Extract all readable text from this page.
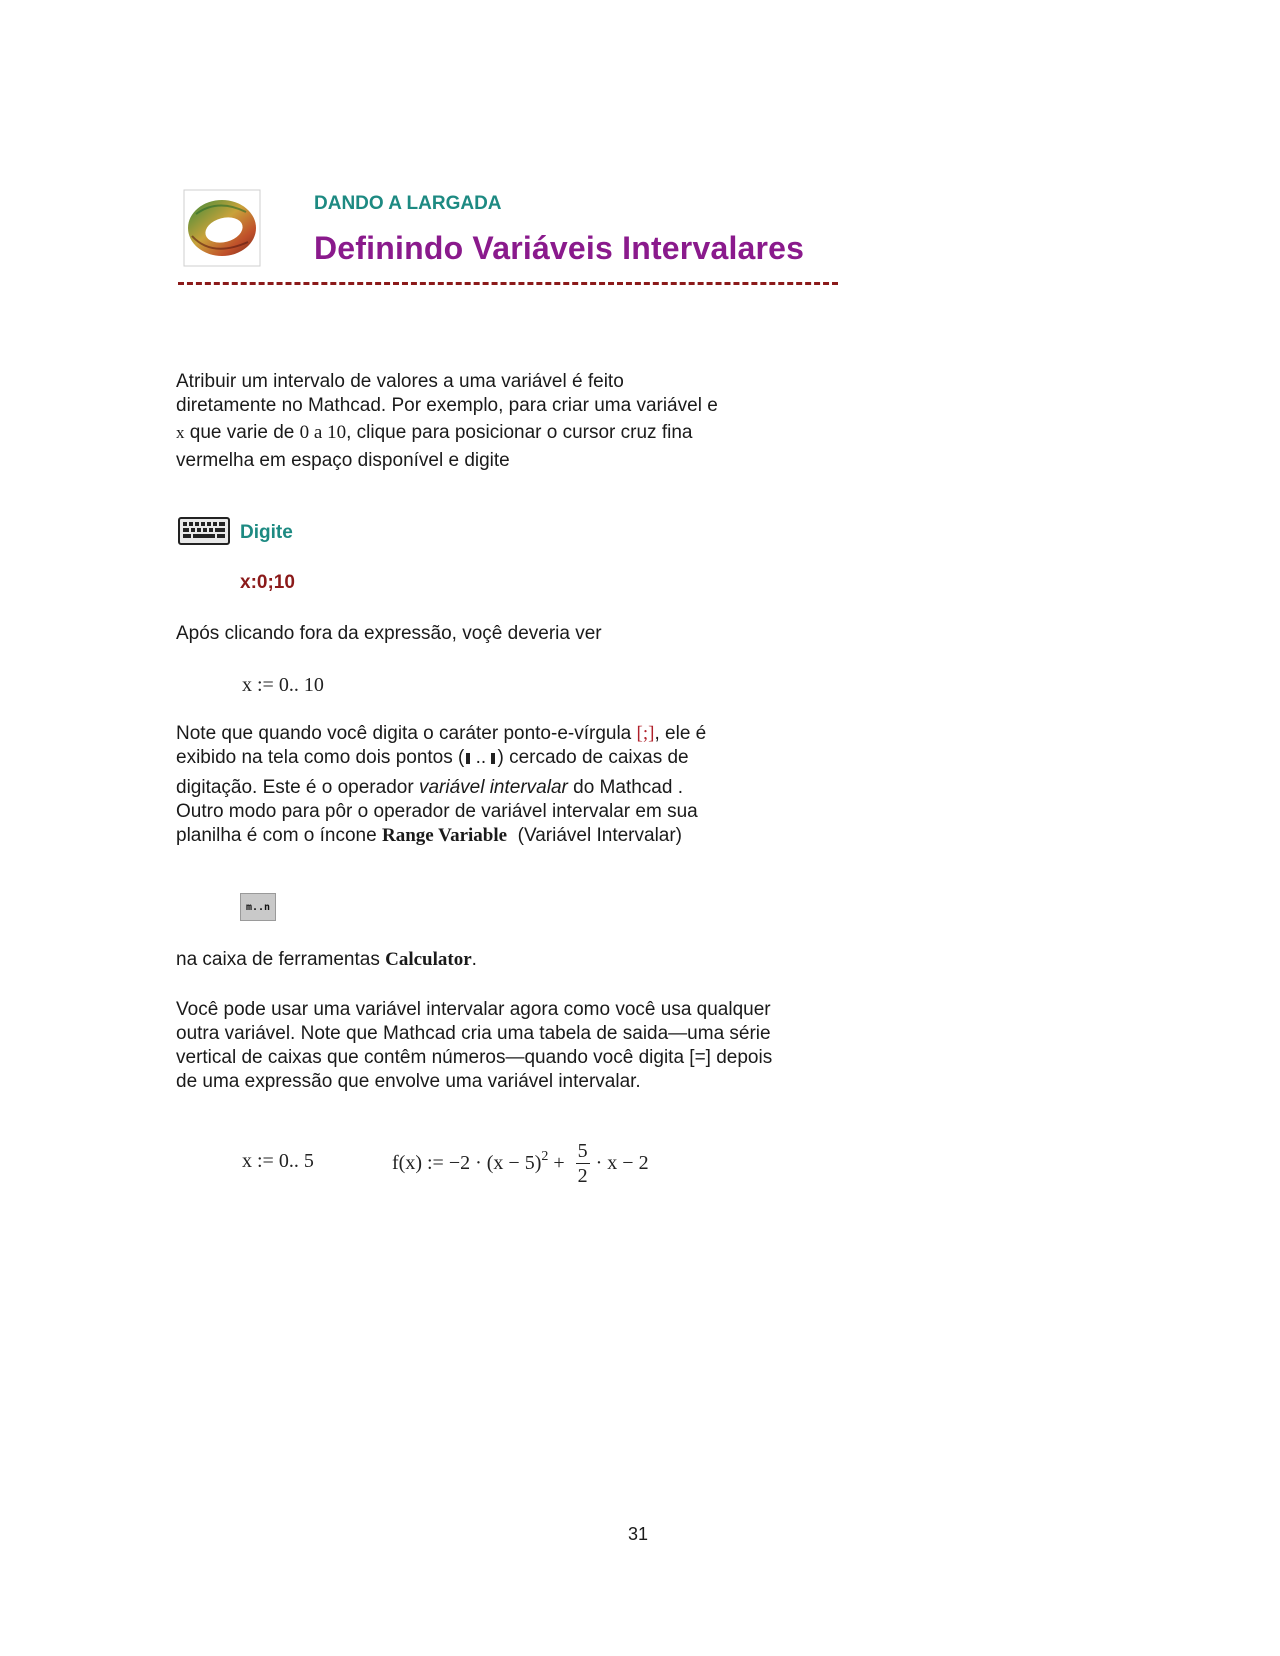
DANDO A LARGADA
Definindo Variáveis Intervalares
Atribuir um intervalo de valores a uma variável é feito
diretamente no Mathcad. Por exemplo, para criar uma variável e
x que varie de 0 a 10, clique para posicionar o cursor cruz fina
vermelha em espaço disponível e digite
Digite
x:0;10
Após clicando fora da expressão, voçê deveria ver
x := 0.. 10
Note que quando você digita o caráter ponto-e-vírgula [;], ele é
exibido na tela como dois pontos ( .. ) cercado de caixas de
digitação. Este é o operador variável intervalar do Mathcad .
Outro modo para pôr o operador de variável intervalar em sua
planilha é com o íncone Range Variable (Variável Intervalar)
m..n
na caixa de ferramentas Calculator.
Você pode usar uma variável intervalar agora como você usa qualquer
outra variável. Note que Mathcad cria uma tabela de saida—uma série
vertical de caixas que contêm números—quando você digita [=] depois
de uma expressão que envolve uma variável intervalar.
x := 0.. 5	f(x) := $-2 \cdot (x - 5)^2 + \frac{5}{2} \cdot x - 2$
31
